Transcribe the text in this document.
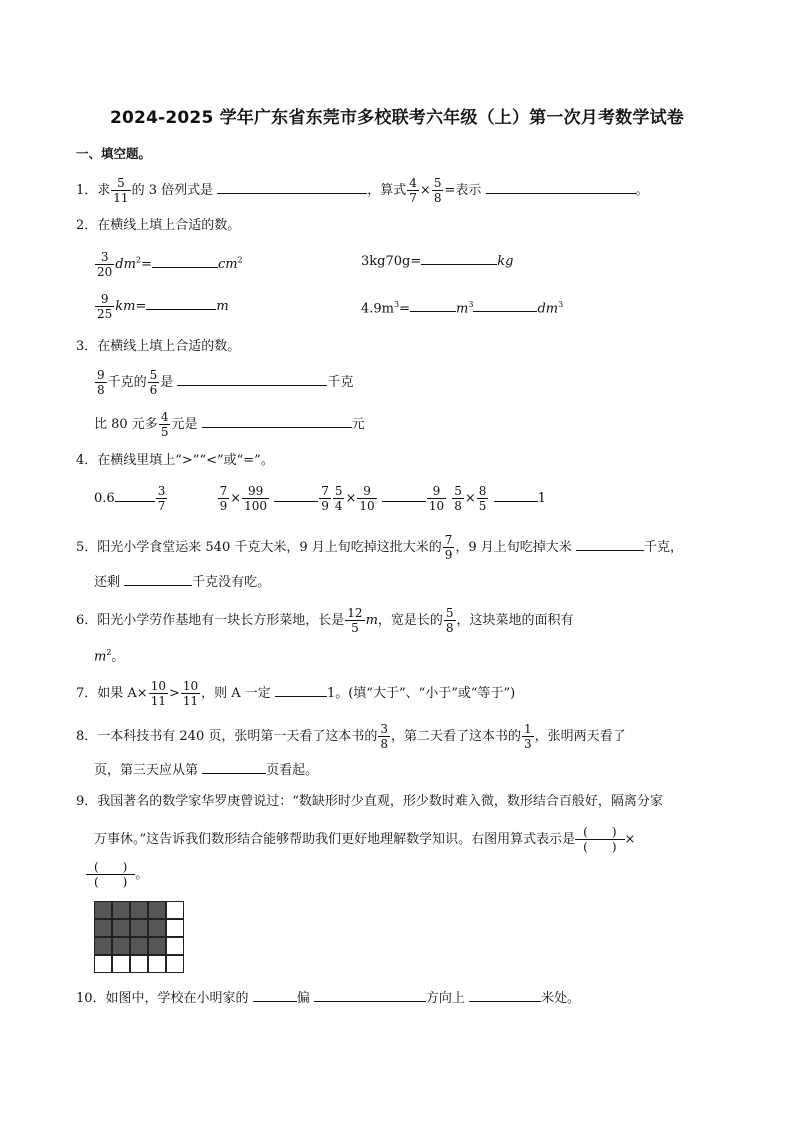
2024-2025 学年广东省东莞市多校联考六年级（上）第一次月考数学试卷
一、填空题。
1．求 $\frac{5}{11}$ 的 3 倍列式是	，算式 $\frac{4}{7} \times \frac{5}{8}$ =表示	。
2．在横线上填上合适的数。
$\frac{3}{20} dm^2=$	$cm^2$	3kg70g=	kg
$\frac{9}{25} km=$	m	$4.9m^3=$	$m^3$	$dm^3$
3．在横线上填上合适的数。
$\frac{9}{8}$ 千克的 $\frac{5}{6}$ 是	千克
比 80 元多 $\frac{4}{5}$ 元是	元
4．在横线里填上“>”“<”或“=”。
0.6	$\frac{3}{7}$
	$\frac{7}{9} \times \frac{99}{100}$
	$\frac{7}{9} \frac{5}{4} \times \frac{9}{10}$
	$\frac{9}{10}$
$\frac{5}{8} \times \frac{8}{5}$	1
5．阳光小学食堂运来 540 千克大米，9 月上旬吃掉这批大米的 $\frac{7}{9}$ ，9 月上旬吃掉大米	千克，
还剩	千克没有吃。
6．阳光小学劳作基地有一块长方形菜地，长是 $\frac{12}{5}$ m，宽是长的 $\frac{5}{8}$ ，这块菜地的面积有
$m^2$。
7．如果 $A\times \frac{10}{11} > \frac{10}{11}$ ，则 A 一定	1。(填“大于”、“小于”或“等于”)
8．一本科技书有 240 页，张明第一天看了这本书的 $\frac{3}{8}$ ，第二天看了这本书的 $\frac{1}{3}$ ，张明两天看了
页，第三天应从第	页看起。
9．我国著名的数学家华罗庚曾说过：“数缺形时少直观，形少数时难入微，数形结合百般好，隔离分家
万事休。”这告诉我们数形结合能够帮助我们更好地理解数学知识。右图用算式表示是 (　　)
(　　) ×
(　　)
(　　) 。
10．如图中，学校在小明家的	偏	方向上	米处。
